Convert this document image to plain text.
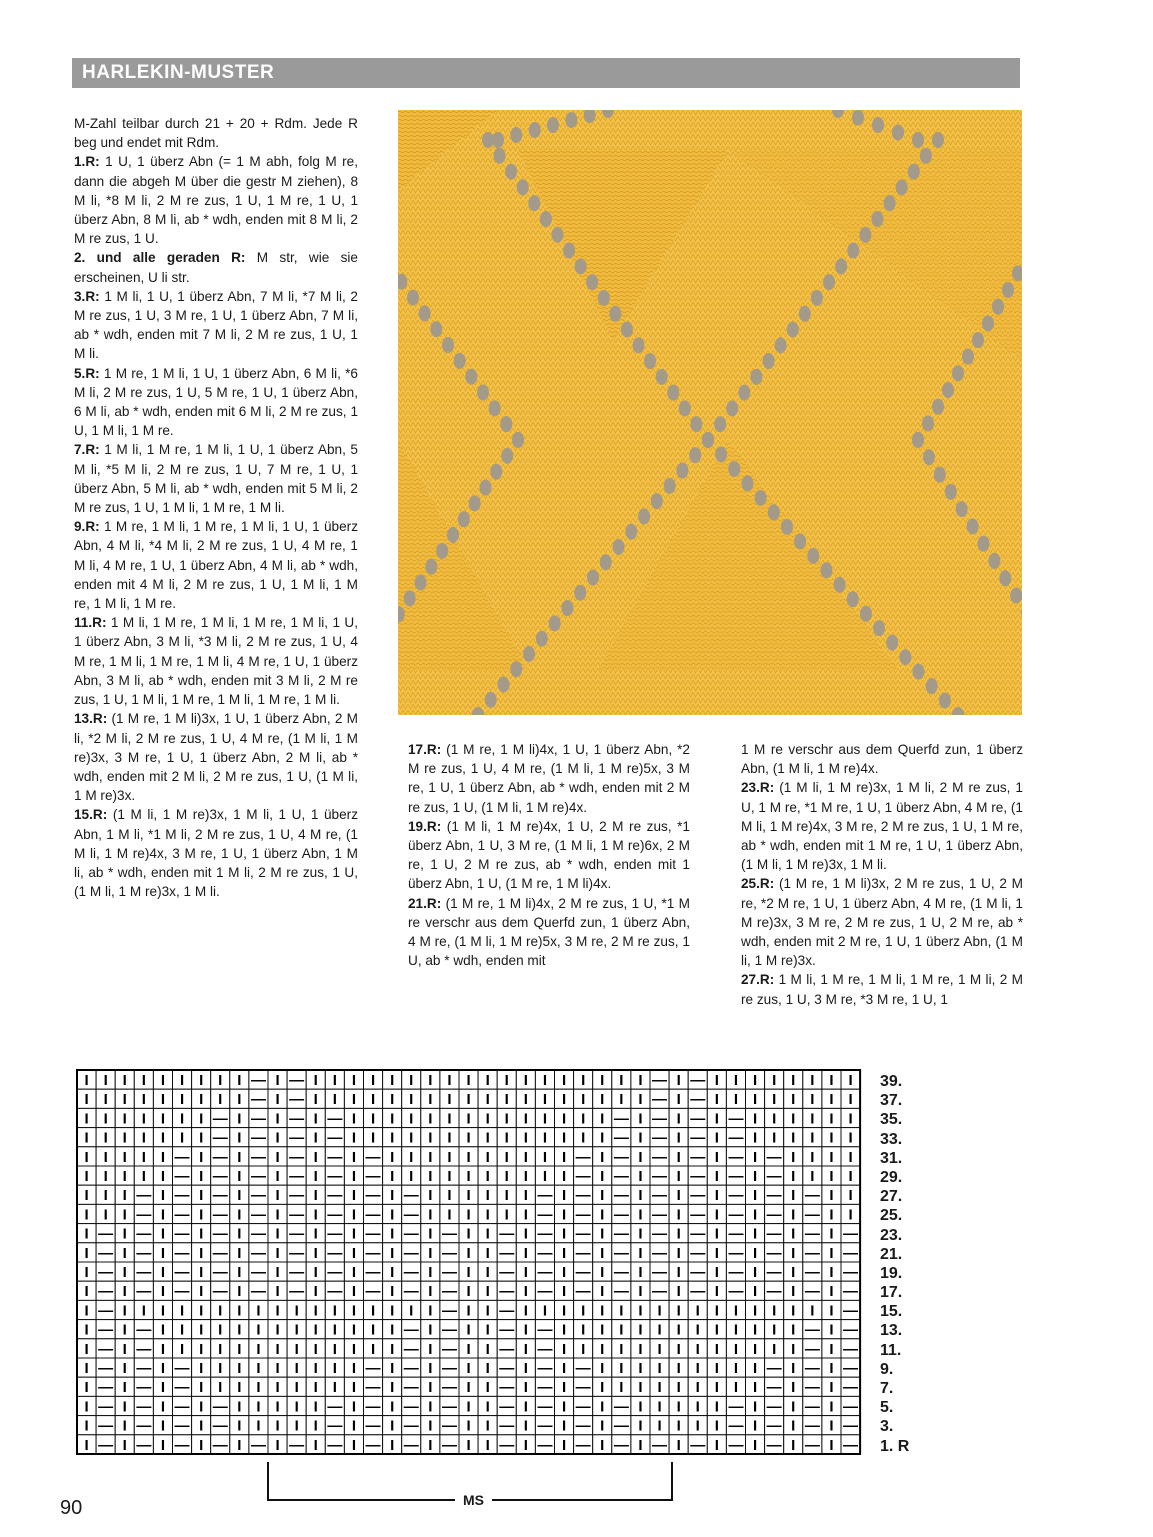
HARLEKIN-MUSTER

M-Zahl teilbar durch 21 + 20 + Rdm. Jede R beg und endet mit Rdm.

1.R: 1 U, 1 überz Abn (= 1 M abh, folg M re, dann die abgeh M über die gestr M ziehen), 8 M li, *8 M li, 2 M re zus, 1 U, 1 M re, 1 U, 1 überz Abn, 8 M li, ab * wdh, enden mit 8 M li, 2 M re zus, 1 U.

2. und alle geraden R: M str, wie sie erscheinen, U li str.

3.R: 1 M li, 1 U, 1 überz Abn, 7 M li, *7 M li, 2 M re zus, 1 U, 3 M re, 1 U, 1 überz Abn, 7 M li, ab * wdh, enden mit 7 M li, 2 M re zus, 1 U, 1 M li.

5.R: 1 M re, 1 M li, 1 U, 1 überz Abn, 6 M li, *6 M li, 2 M re zus, 1 U, 5 M re, 1 U, 1 überz Abn, 6 M li, ab * wdh, enden mit 6 M li, 2 M re zus, 1 U, 1 M li, 1 M re.

7.R: 1 M li, 1 M re, 1 M li, 1 U, 1 überz Abn, 5 M li, *5 M li, 2 M re zus, 1 U, 7 M re, 1 U, 1 überz Abn, 5 M li, ab * wdh, enden mit 5 M li, 2 M re zus, 1 U, 1 M li, 1 M re, 1 M li.

9.R: 1 M re, 1 M li, 1 M re, 1 M li, 1 U, 1 überz Abn, 4 M li, *4 M li, 2 M re zus, 1 U, 4 M re, 1 M li, 4 M re, 1 U, 1 überz Abn, 4 M li, ab * wdh, enden mit 4 M li, 2 M re zus, 1 U, 1 M li, 1 M re, 1 M li, 1 M re.

11.R: 1 M li, 1 M re, 1 M li, 1 M re, 1 M li, 1 U, 1 überz Abn, 3 M li, *3 M li, 2 M re zus, 1 U, 4 M re, 1 M li, 1 M re, 1 M li, 4 M re, 1 U, 1 überz Abn, 3 M li, ab * wdh, enden mit 3 M li, 2 M re zus, 1 U, 1 M li, 1 M re, 1 M li, 1 M re, 1 M li.

13.R: (1 M re, 1 M li)3x, 1 U, 1 überz Abn, 2 M li, *2 M li, 2 M re zus, 1 U, 4 M re, (1 M li, 1 M re)3x, 3 M re, 1 U, 1 überz Abn, 2 M li, ab * wdh, enden mit 2 M li, 2 M re zus, 1 U, (1 M li, 1 M re)3x.

15.R: (1 M li, 1 M re)3x, 1 M li, 1 U, 1 überz Abn, 1 M li, *1 M li, 2 M re zus, 1 U, 4 M re, (1 M li, 1 M re)4x, 3 M re, 1 U, 1 überz Abn, 1 M li, ab * wdh, enden mit 1 M li, 2 M re zus, 1 U, (1 M li, 1 M re)3x, 1 M li.

17.R: (1 M re, 1 M li)4x, 1 U, 1 überz Abn, *2 M re zus, 1 U, 4 M re, (1 M li, 1 M re)5x, 3 M re, 1 U, 1 überz Abn, ab * wdh, enden mit 2 M re zus, 1 U, (1 M li, 1 M re)4x.

19.R: (1 M li, 1 M re)4x, 1 U, 2 M re zus, *1 überz Abn, 1 U, 3 M re, (1 M li, 1 M re)6x, 2 M re, 1 U, 2 M re zus, ab * wdh, enden mit 1 überz Abn, 1 U, (1 M re, 1 M li)4x.

21.R: (1 M re, 1 M li)4x, 2 M re zus, 1 U, *1 M re verschr aus dem Querfd zun, 1 überz Abn, 4 M re, (1 M li, 1 M re)5x, 3 M re, 2 M re zus, 1 U, ab * wdh, enden mit

1 M re verschr aus dem Querfd zun, 1 überz Abn, (1 M li, 1 M re)4x.

23.R: (1 M li, 1 M re)3x, 1 M li, 2 M re zus, 1 U, 1 M re, *1 M re, 1 U, 1 überz Abn, 4 M re, (1 M li, 1 M re)4x, 3 M re, 2 M re zus, 1 U, 1 M re, ab * wdh, enden mit 1 M re, 1 U, 1 überz Abn, (1 M li, 1 M re)3x, 1 M li.

25.R: (1 M re, 1 M li)3x, 2 M re zus, 1 U, 2 M re, *2 M re, 1 U, 1 überz Abn, 4 M re, (1 M li, 1 M re)3x, 3 M re, 2 M re zus, 1 U, 2 M re, ab * wdh, enden mit 2 M re, 1 U, 1 überz Abn, (1 M li, 1 M re)3x.

27.R: 1 M li, 1 M re, 1 M li, 1 M re, 1 M li, 2 M re zus, 1 U, 3 M re, *3 M re, 1 U, 1

I I I I I I I I I — I — I I I I I I I I I I I I I I I I I I — I — I I I I I I I I
I I I I I I I I I — I — I I I I I I I I I I I I I I I I I I — I — I I I I I I I I
I I I I I I I — I — I — I — I I I I I I I I I I I I I I — I — I — I — I I I I I I
I I I I I I I — I — I — I — I I I I I I I I I I I I I I — I — I — I — I I I I I I
I I I I I — I — I — I — I — I — I I I I I I I I I I — I — I — I — I — I — I I I I
I I I I I — I — I — I — I — I — I I I I I I I I I I — I — I — I — I — I — I I I I
I I I — I — I — I — I — I — I — I — I I I I I I — I — I — I — I — I — I — I — I I
I I I — I — I — I — I — I — I — I — I I I I I I — I — I — I — I — I — I — I — I I
I — I — I — I — I — I — I — I — I — I — I I — I — I — I — I — I — I — I — I — I —
I — I — I — I — I — I — I — I — I — I — I I — I — I — I — I — I — I — I — I — I —
I — I — I — I — I — I — I — I — I — I — I I — I — I — I — I — I — I — I — I — I —
I — I — I — I — I — I — I — I — I — I — I I — I — I — I — I — I — I — I — I — I —
I — I I I I I I I I I I I I I I I I I — I I — I I I I I I I I I I I I I I I I I —
I — I — I I I I I I I I I I I I I — I — I I — I — I I I I I I I I I I I I I — I —
I — I — I I I I I I I I I I I I I — I — I I — I — I I I I I I I I I I I I I — I —
I — I — I — I I I I I I I I I — I — I — I I — I — I — I I I I I I I I I — I — I —
I — I — I — I I I I I I I I I — I — I — I I — I — I — I I I I I I I I I — I — I —
I — I — I — I — I I I I I — I — I — I — I I — I — I — I — I I I I I — I — I — I —
I — I — I — I — I I I I I — I — I — I — I I — I — I — I — I I I I I — I — I — I —
I — I — I — I — I — I — I — I — I — I — I I — I — I — I — I — I — I — I — I — I —
39.
37.
35.
33.
31.
29.
27.
25.
23.
21.
19.
17.
15.
13.
11.
9.
7.
5.
3.
1. R
MS
90
